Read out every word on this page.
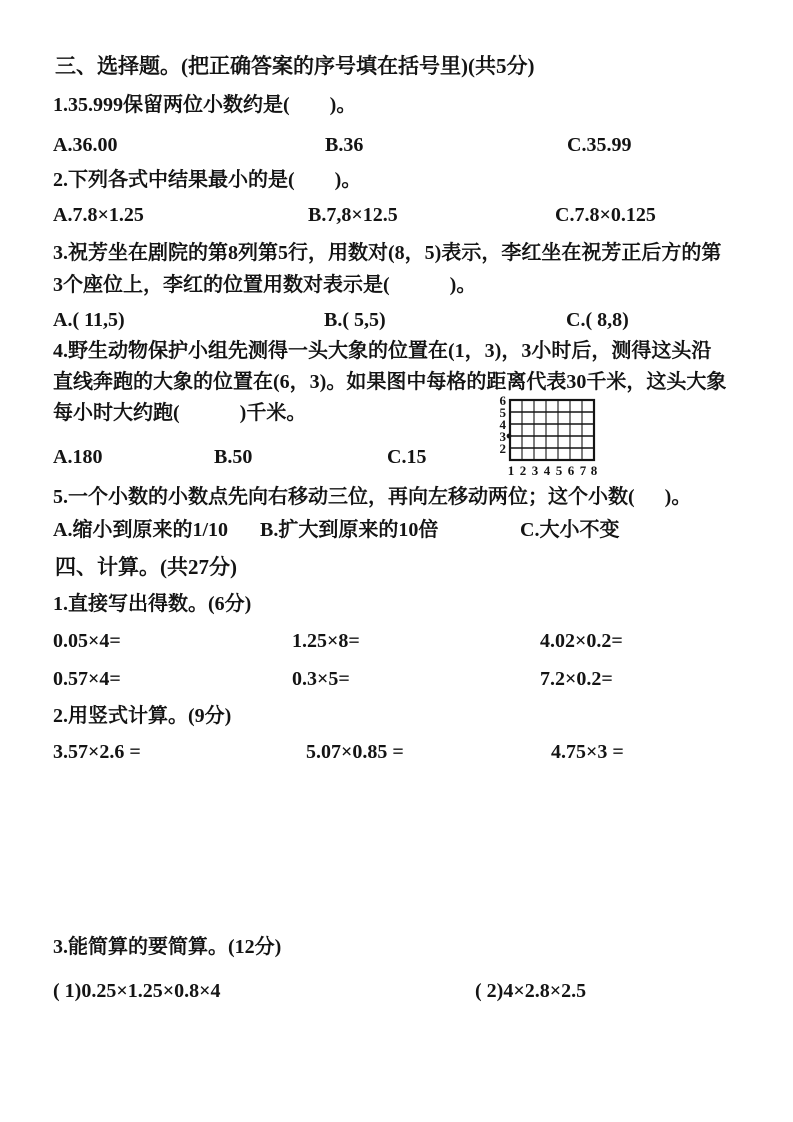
三、选择题。(把正确答案的序号填在括号里)(共5分)
1.35.999保留两位小数约是(        )。
A.36.00	B.36	C.35.99
2.下列各式中结果最小的是(        )。
A.7.8×1.25	B.7,8×12.5	C.7.8×0.125
3.祝芳坐在剧院的第8列第5行，用数对(8，5)表示，李红坐在祝芳正后方的第
3个座位上，李红的位置用数对表示是(            )。
A.( 11,5)	B.( 5,5)	C.( 8,8)
4.野生动物保护小组先测得一头大象的位置在(1，3)，3小时后，测得这头沿
直线奔跑的大象的位置在(6，3)。如果图中每格的距离代表30千米，这头大象
每小时大约跑(            )千米。
A.180	B.50	C.15
6
5
4
3
2
1 2 3 4 5 6 7 8
5.一个小数的小数点先向右移动三位，再向左移动两位；这个小数(      )。
A.缩小到原来的1/10 B.扩大到原来的10倍	C.大小不变
四、计算。(共27分)
1.直接写出得数。(6分)
0.05×4=	1.25×8=	4.02×0.2=
0.57×4=	0.3×5=	7.2×0.2=
2.用竖式计算。(9分)
3.57×2.6 =	5.07×0.85 =	4.75×3 =
3.能简算的要简算。(12分)
( 1)0.25×1.25×0.8×4	( 2)4×2.8×2.5
